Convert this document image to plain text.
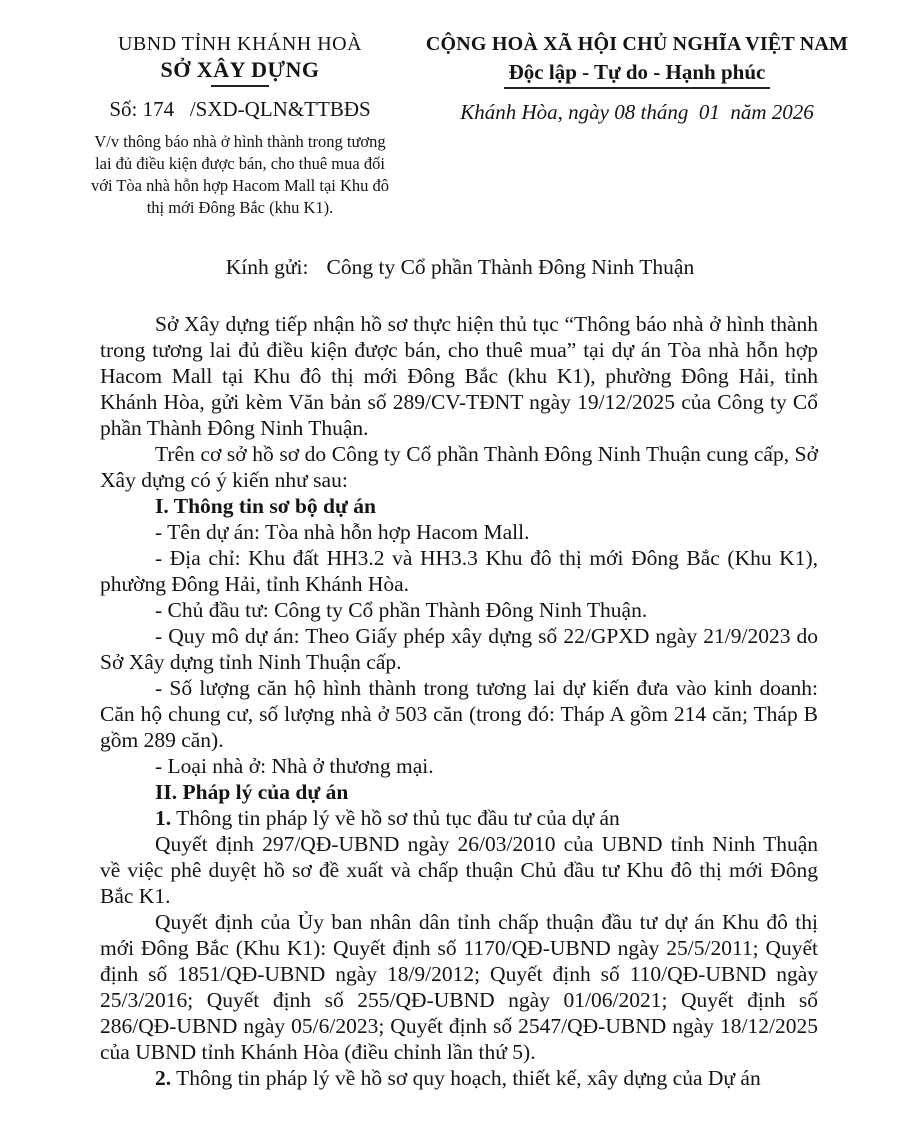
UBND TỈNH KHÁNH HOÀ
SỞ XÂY DỰNG
Số: 174   /SXD-QLN&TTBĐS
V/v thông báo nhà ở hình thành trong tương lai đủ điều kiện được bán, cho thuê mua đối với Tòa nhà hỗn hợp Hacom Mall tại Khu đô thị mới Đông Bắc (khu K1).
CỘNG HOÀ XÃ HỘI CHỦ NGHĨA VIỆT NAM
Độc lập - Tự do - Hạnh phúc
Khánh Hòa, ngày 08 tháng  01  năm 2026
Kính gửi: Công ty Cổ phần Thành Đông Ninh Thuận

Sở Xây dựng tiếp nhận hồ sơ thực hiện thủ tục “Thông báo nhà ở hình thành trong tương lai đủ điều kiện được bán, cho thuê mua” tại dự án Tòa nhà hỗn hợp Hacom Mall tại Khu đô thị mới Đông Bắc (khu K1), phường Đông Hải, tỉnh Khánh Hòa, gửi kèm Văn bản số 289/CV-TĐNT ngày 19/12/2025 của Công ty Cổ phần Thành Đông Ninh Thuận.

Trên cơ sở hồ sơ do Công ty Cổ phần Thành Đông Ninh Thuận cung cấp, Sở Xây dựng có ý kiến như sau:

I. Thông tin sơ bộ dự án

- Tên dự án: Tòa nhà hỗn hợp Hacom Mall.

- Địa chỉ: Khu đất HH3.2 và HH3.3 Khu đô thị mới Đông Bắc (Khu K1), phường Đông Hải, tỉnh Khánh Hòa.

- Chủ đầu tư: Công ty Cổ phần Thành Đông Ninh Thuận.

- Quy mô dự án: Theo Giấy phép xây dựng số 22/GPXD ngày 21/9/2023 do Sở Xây dựng tỉnh Ninh Thuận cấp.

- Số lượng căn hộ hình thành trong tương lai dự kiến đưa vào kinh doanh: Căn hộ chung cư, số lượng nhà ở 503 căn (trong đó: Tháp A gồm 214 căn; Tháp B gồm 289 căn).

- Loại nhà ở: Nhà ở thương mại.

II. Pháp lý của dự án

1. Thông tin pháp lý về hồ sơ thủ tục đầu tư của dự án

Quyết định 297/QĐ-UBND ngày 26/03/2010 của UBND tỉnh Ninh Thuận về việc phê duyệt hồ sơ đề xuất và chấp thuận Chủ đầu tư Khu đô thị mới Đông Bắc K1.

Quyết định của Ủy ban nhân dân tỉnh chấp thuận đầu tư dự án Khu đô thị mới Đông Bắc (Khu K1): Quyết định số 1170/QĐ-UBND ngày 25/5/2011; Quyết định số 1851/QĐ-UBND ngày 18/9/2012; Quyết định số 110/QĐ-UBND ngày 25/3/2016; Quyết định số 255/QĐ-UBND ngày 01/06/2021; Quyết định số 286/QĐ-UBND ngày 05/6/2023; Quyết định số 2547/QĐ-UBND ngày 18/12/2025 của UBND tỉnh Khánh Hòa (điều chỉnh lần thứ 5).

2. Thông tin pháp lý về hồ sơ quy hoạch, thiết kế, xây dựng của Dự án
